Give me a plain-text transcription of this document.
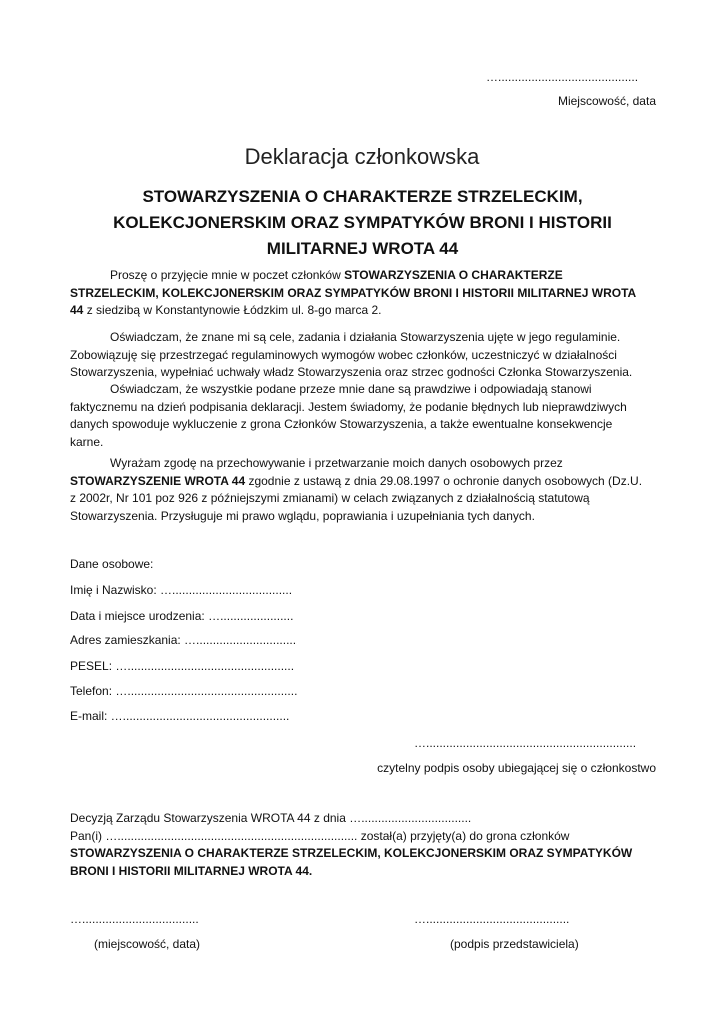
…..........................................
Miejscowość, data
Deklaracja członkowska
STOWARZYSZENIA O CHARAKTERZE STRZELECKIM,
KOLEKCJONERSKIM ORAZ SYMPATYKÓW BRONI I HISTORII
MILITARNEJ WROTA 44

Proszę o przyjęcie mnie w poczet członków STOWARZYSZENIA O CHARAKTERZE

STRZELECKIM, KOLEKCJONERSKIM ORAZ SYMPATYKÓW BRONI I HISTORII MILITARNEJ WROTA

44 z siedzibą w Konstantynowie Łódzkim ul. 8-go marca 2.

Oświadczam, że znane mi są cele, zadania i działania Stowarzyszenia ujęte w jego regulaminie.

Zobowiązuję się przestrzegać regulaminowych wymogów wobec członków, uczestniczyć w działalności

Stowarzyszenia, wypełniać uchwały władz Stowarzyszenia oraz strzec godności Członka Stowarzyszenia.

Oświadczam, że wszystkie podane przeze mnie dane są prawdziwe i odpowiadają stanowi

faktycznemu na dzień podpisania deklaracji. Jestem świadomy, że podanie błędnych lub nieprawdziwych

danych spowoduje wykluczenie z grona Członków Stowarzyszenia, a także ewentualne konsekwencje

karne.

Wyrażam zgodę na przechowywanie i przetwarzanie moich danych osobowych przez

STOWARZYSZENIE WROTA 44 zgodnie z ustawą z dnia 29.08.1997 o ochronie danych osobowych (Dz.U.

z 2002r, Nr 101 poz 926 z późniejszymi zmianami) w celach związanych z działalnością statutową

Stowarzyszenia. Przysługuje mi prawo wglądu, poprawiania i uzupełniania tych danych.

Dane osobowe:
Imię i Nazwisko: …....................................
Data i miejsce urodzenia: …......................
Adres zamieszkania: …..............................
PESEL: …..................................................
Telefon: …...................................................
E-mail: …..................................................
…...............................................................
czytelny podpis osoby ubiegającej się o członkostwo

Decyzją Zarządu Stowarzyszenia WROTA 44 z dnia ….................................

Pan(i) …........................................................................ został(a) przyjęty(a) do grona członków

STOWARZYSZENIA O CHARAKTERZE STRZELECKIM, KOLEKCJONERSKIM ORAZ SYMPATYKÓW

BRONI I HISTORII MILITARNEJ WROTA 44.

…...................................
(miejscowość, data)
…...........................................
(podpis przedstawiciela)
